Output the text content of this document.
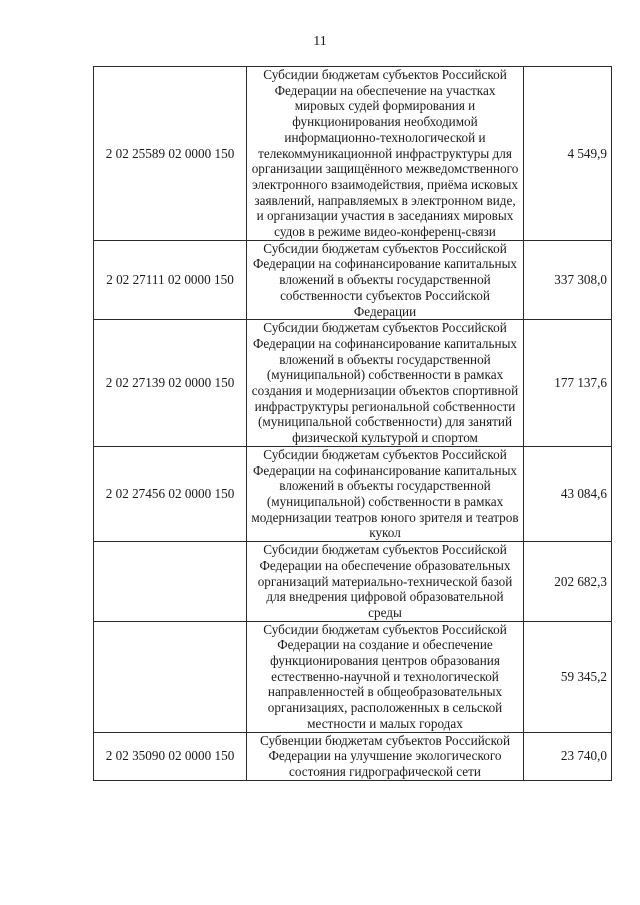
11
2 02 25589 02 0000 150	Субсидии бюджетам субъектов Российской Федерации на обеспечение на участках мировых судей формирования и функционирования необходимой информационно-технологической и телекоммуникационной инфраструктуры для организации защищённого межведомственного электронного взаимодействия, приёма исковых заявлений, направляемых в электронном виде, и организации участия в заседаниях мировых судов в режиме видео-конференц-связи	4 549,9
2 02 27111 02 0000 150	Субсидии бюджетам субъектов Российской Федерации на софинансирование капитальных вложений в объекты государственной собственности субъектов Российской Федерации	337 308,0
2 02 27139 02 0000 150	Субсидии бюджетам субъектов Российской Федерации на софинансирование капитальных вложений в объекты государственной (муниципальной) собственности в рамках создания и модернизации объектов спортивной инфраструктуры региональной собственности (муниципальной собственности) для занятий физической культурой и спортом	177 137,6
2 02 27456 02 0000 150	Субсидии бюджетам субъектов Российской Федерации на софинансирование капитальных вложений в объекты государственной (муниципальной) собственности в рамках модернизации театров юного зрителя и театров кукол	43 084,6
	Субсидии бюджетам субъектов Российской Федерации на обеспечение образовательных организаций материально-технической базой для внедрения цифровой образовательной среды	202 682,3
	Субсидии бюджетам субъектов Российской Федерации на создание и обеспечение функционирования центров образования естественно-научной и технологической направленностей в общеобразовательных организациях, расположенных в сельской местности и малых городах	59 345,2
2 02 35090 02 0000 150	Субвенции бюджетам субъектов Российской Федерации на улучшение экологического состояния гидрографической сети	23 740,0
